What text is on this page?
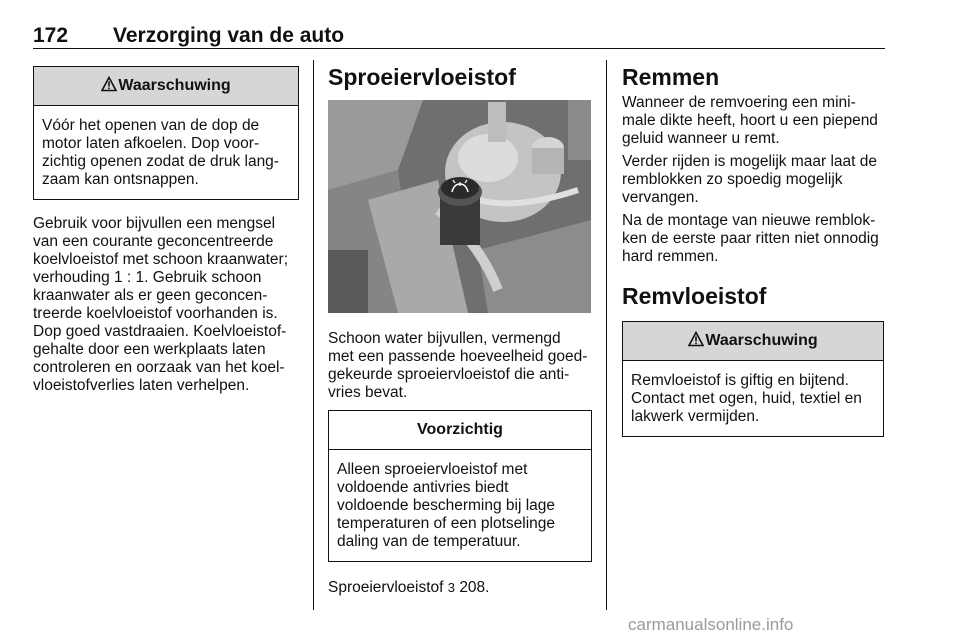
172 Verzorging van de auto
Waarschuwing
Vóór het openen van de dop de
motor laten afkoelen. Dop voor-
zichtig openen zodat de druk lang-
zaam kan ontsnappen.
Gebruik voor bijvullen een mengsel
van een courante geconcentreerde
koelvloeistof met schoon kraanwater;
verhouding 1 : 1. Gebruik schoon
kraanwater als er geen geconcen-
treerde koelvloeistof voorhanden is.
Dop goed vastdraaien. Koelvloeistof-
gehalte door een werkplaats laten
controleren en oorzaak van het koel-
vloeistofverlies laten verhelpen.
Sproeiervloeistof
Schoon water bijvullen, vermengd
met een passende hoeveelheid goed-
gekeurde sproeiervloeistof die anti-
vries bevat.
Voorzichtig
Alleen sproeiervloeistof met
voldoende antivries biedt
voldoende bescherming bij lage
temperaturen of een plotselinge
daling van de temperatuur.
Sproeiervloeistof 3 208.
Remmen
Wanneer de remvoering een mini-
male dikte heeft, hoort u een piepend
geluid wanneer u remt.
Verder rijden is mogelijk maar laat de
remblokken zo spoedig mogelijk
vervangen.
Na de montage van nieuwe remblok-
ken de eerste paar ritten niet onnodig
hard remmen.
Remvloeistof
Waarschuwing
Remvloeistof is giftig en bijtend.
Contact met ogen, huid, textiel en
lakwerk vermijden.
carmanualsonline.info
